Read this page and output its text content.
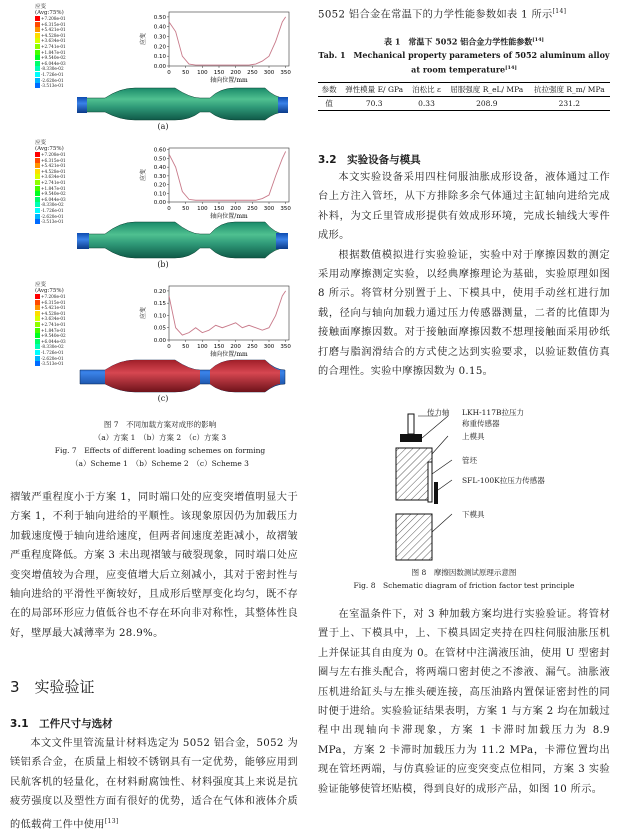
应变
(Avg:75%)
+7.208e-01
+6.315e-01
+5.421e-01
+4.528e-01
+3.634e-01
+2.741e-01
+1.847e-01
+9.540e-02
+6.044e-03
-8.330e-02
-1.726e-01
-2.620e-01
-3.513e-01
0.00
0.10
0.20
0.30
0.40
0.50
0 50 100 150 200 250 300 350
应变
轴向位置/mm
(a)
应变
(Avg:75%)
+7.208e-01
+6.315e-01
+5.421e-01
+4.528e-01
+3.634e-01
+2.741e-01
+1.847e-01
+9.540e-02
+6.044e-03
-8.330e-02
-1.726e-01
-2.620e-01
-3.513e-01
0.00
0.10
0.20
0.30
0.40
0.50
0.60
0 50 100 150 200 250 300 350
应变
轴向位置/mm
(b)
应变
(Avg:75%)
+7.208e-01
+6.315e-01
+5.421e-01
+4.528e-01
+3.634e-01
+2.741e-01
+1.847e-01
+9.540e-02
+6.044e-03
-8.330e-02
-1.726e-01
-2.620e-01
-3.513e-01
0.00
0.05
0.10
0.15
0.20
0 50 100 150 200 250 300 350
应变
轴向位置/mm
(c)
图 7　不同加载方案对成形的影响
（a）方案 1　（b）方案 2　（c）方案 3
Fig. 7　Effects of different loading schemes on forming
（a）Scheme 1　（b）Scheme 2　（c）Scheme 3

褶皱严重程度小于方案 1，同时端口处的应变突增值明显大于方案 1，不利于轴向进给的平顺性。该现象原因仍为加载压力加载速度慢于轴向进给速度，但两者间速度差距减小，故褶皱严重程度降低。方案 3 未出现褶皱与破裂现象，同时端口处应变突增值较为合理，应变值增大后立刻减小，其对于密封性与轴向进给的平滑性平衡较好，且成形后壁厚变化均匀，既不存在的局部环形应力值低谷也不存在环向非对称性，其整体性良好，壁厚最大减薄率为 28.9%。

3　实验验证
3.1　工件尺寸与选材

本文文件里管流量计材料选定为 5052 铝合金，5052 为镁铝系合金，在质量上相较不锈钢具有一定优势，能够应用到民航客机的轻量化，在材料耐腐蚀性、材料强度其上来说是抗疲劳强度以及塑性方面有很好的优势，适合在气体和液体介质的低载荷工件中使用[13]

5052 铝合金在常温下的力学性能参数如表 1 所示[14]

表 1　常温下 5052 铝合金力学性能参数[14]
Tab. 1　Mechanical property parameters of 5052 aluminum alloy at room temperature[14]
参数	弹性模量 E/ GPa	泊松比 ε	屈服强度 R_eL/ MPa	抗拉强度 R_m/ MPa
值	70.3	0.33	208.9	231.2
3.2　实验设备与模具

本文实验设备采用四柱伺服油胀成形设备，液体通过工作台上方注入管坯，从下方排除多余气体通过主缸轴向进给完成补料，为文丘里管成形提供有效成形环境，完成长轴线大零件成形。

根据数值模拟进行实验验证，实验中对于摩擦因数的测定采用动摩擦测定实验，以经典摩擦理论为基础，实验原理如图 8 所示。将管材分别置于上、下模具中，使用手动丝杠进行加载，径向与轴向加载力通过压力传感器测量，二者的比值即为接触面摩擦因数。对于接触面摩擦因数不想理接触面采用砂纸打磨与脂润滑结合的方式使之达到实验要求，以验证数值仿真的合理性。实验中摩擦因数为 0.15。

传力轴 LKH-117B拉压力
称重传感器
上模具
管坯
SFL-100K拉压力传感器
下模具
图 8　摩擦因数测试原理示意图
Fig. 8　Schematic diagram of friction factor test principle

在室温条件下，对 3 种加载方案均进行实验验证。将管材置于上、下模具中，上、下模具固定夹持在四柱伺服油胀压机上并保证其自由度为 0。在管材中注满液压油，使用 U 型密封圈与左右推头配合，将两端口密封使之不渗液、漏气。油胀液压机进给缸头与左推头硬连接，高压油路内置保证密封性的同时便于进给。实验验证结果表明，方案 1 与方案 2 均在加载过程中出现轴向卡滞现象，方案 1 卡滞时加载压力为 8.9 MPa，方案 2 卡滞时加载压力为 11.2 MPa，卡滞位置均出现在管坯两端，与仿真验证的应变突变点位相同，方案 3 实验验证能够使管坯贴模，得到良好的成形产品，如图 10 所示。
